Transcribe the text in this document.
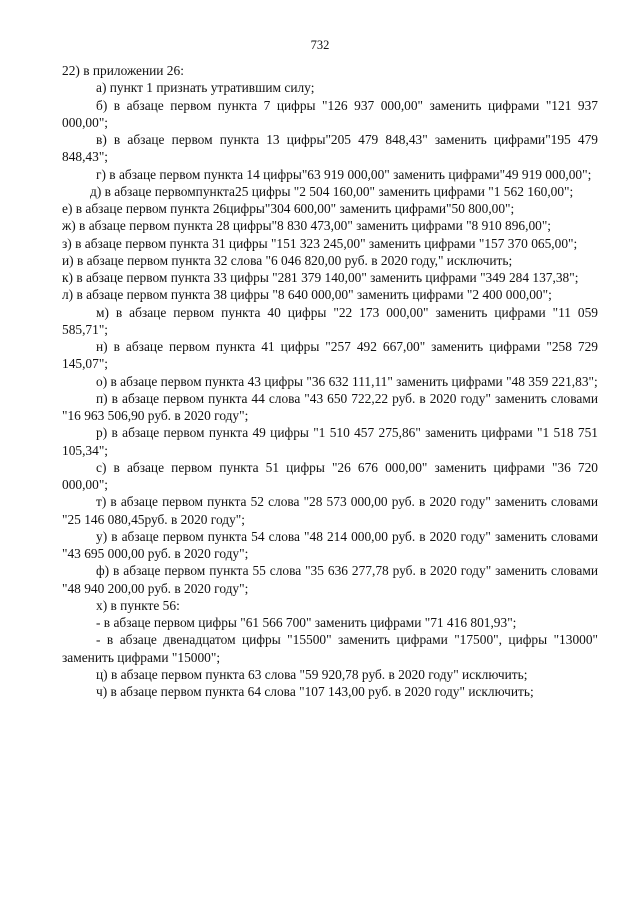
732

22) в приложении 26:

а) пункт 1 признать утратившим силу;

б) в абзаце первом пункта 7 цифры "126 937 000,00" заменить цифрами "121 937 000,00";

в) в абзаце первом пункта 13 цифры"205 479 848,43" заменить цифрами"195 479 848,43";

г) в абзаце первом пункта 14 цифры"63 919 000,00" заменить цифрами"49 919 000,00";

д) в абзаце первомпункта25 цифры "2 504 160,00" заменить цифрами "1 562 160,00";

е) в абзаце первом пункта 26цифры"304 600,00" заменить цифрами"50 800,00";

ж) в абзаце первом пункта 28 цифры"8 830 473,00" заменить цифрами "8 910 896,00";

з) в абзаце первом пункта 31 цифры "151 323 245,00" заменить цифрами "157 370 065,00";

и) в абзаце первом пункта 32 слова "6 046 820,00 руб. в 2020 году," исключить;

к) в абзаце первом пункта 33 цифры "281 379 140,00" заменить цифрами "349 284 137,38";

л) в абзаце первом пункта 38 цифры "8 640 000,00" заменить цифрами "2 400 000,00";

м) в абзаце первом пункта 40 цифры "22 173 000,00" заменить цифрами "11 059 585,71";

н) в абзаце первом пункта 41 цифры "257 492 667,00" заменить цифрами "258 729 145,07";

о) в абзаце первом пункта 43 цифры "36 632 111,11" заменить цифрами "48 359 221,83";

п) в абзаце первом пункта 44 слова "43 650 722,22 руб. в 2020 году" заменить словами "16 963 506,90 руб. в 2020 году";

р) в абзаце первом пункта 49 цифры "1 510 457 275,86" заменить цифрами "1 518 751 105,34";

с) в абзаце первом пункта 51 цифры "26 676 000,00" заменить цифрами "36 720 000,00";

т) в абзаце первом пункта 52 слова "28 573 000,00 руб. в 2020 году" заменить словами "25 146 080,45руб. в 2020 году";

у) в абзаце первом пункта 54 слова "48 214 000,00 руб. в 2020 году" заменить словами "43 695 000,00 руб. в 2020 году";

ф) в абзаце первом пункта 55 слова "35 636 277,78 руб. в 2020 году" заменить словами "48 940 200,00 руб. в 2020 году";

х) в пункте 56:

- в абзаце первом цифры "61 566 700" заменить цифрами "71 416 801,93";

- в абзаце двенадцатом цифры "15500" заменить цифрами "17500", цифры "13000" заменить цифрами "15000";

ц) в абзаце первом пункта 63 слова "59 920,78 руб. в 2020 году" исключить;

ч) в абзаце первом пункта 64 слова "107 143,00 руб. в 2020 году" исключить;
